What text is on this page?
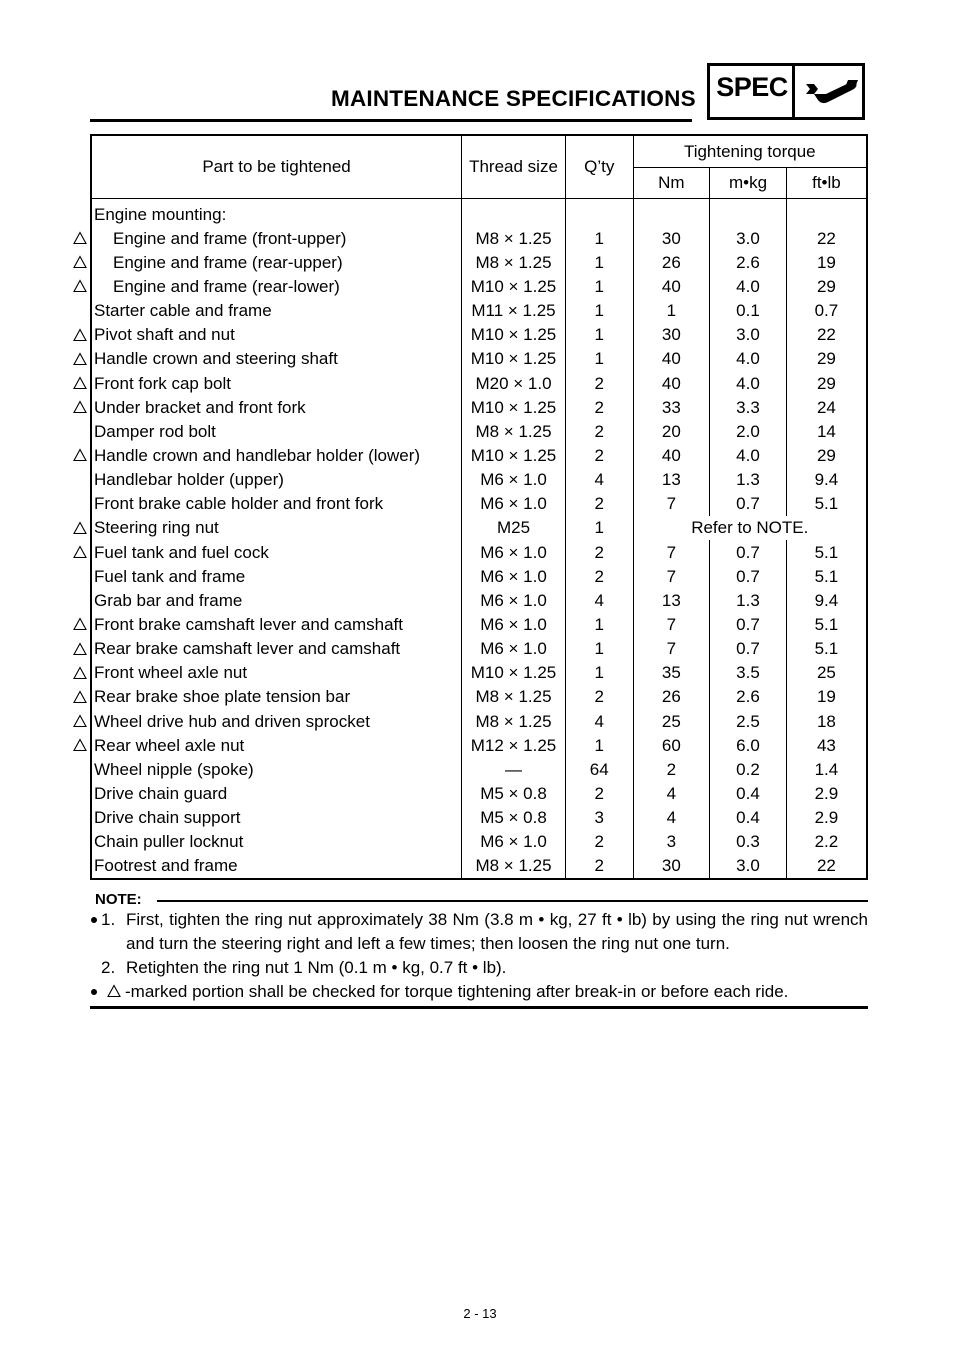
MAINTENANCE SPECIFICATIONS SPEC
Part to be tightened	Thread size	Q’ty	Tightening torque		
			Nm	m•kg	ft•lb
Engine mounting:					
Engine and frame (front-upper)	M8 × 1.25	1	30	3.0	22
Engine and frame (rear-upper)	M8 × 1.25	1	26	2.6	19
Engine and frame (rear-lower)	M10 × 1.25	1	40	4.0	29
Starter cable and frame	M11 × 1.25	1	1	0.1	0.7
Pivot shaft and nut	M10 × 1.25	1	30	3.0	22
Handle crown and steering shaft	M10 × 1.25	1	40	4.0	29
Front fork cap bolt	M20 × 1.0	2	40	4.0	29
Under bracket and front fork	M10 × 1.25	2	33	3.3	24
Damper rod bolt	M8 × 1.25	2	20	2.0	14
Handle crown and handlebar holder (lower)	M10 × 1.25	2	40	4.0	29
Handlebar holder (upper)	M6 × 1.0	4	13	1.3	9.4
Front brake cable holder and front fork	M6 × 1.0	2	7	0.7	5.1
Steering ring nut	M25	1	Refer to NOTE.		
Fuel tank and fuel cock	M6 × 1.0	2	7	0.7	5.1
Fuel tank and frame	M6 × 1.0	2	7	0.7	5.1
Grab bar and frame	M6 × 1.0	4	13	1.3	9.4
Front brake camshaft lever and camshaft	M6 × 1.0	1	7	0.7	5.1
Rear brake camshaft lever and camshaft	M6 × 1.0	1	7	0.7	5.1
Front wheel axle nut	M10 × 1.25	1	35	3.5	25
Rear brake shoe plate tension bar	M8 × 1.25	2	26	2.6	19
Wheel drive hub and driven sprocket	M8 × 1.25	4	25	2.5	18
Rear wheel axle nut	M12 × 1.25	1	60	6.0	43
Wheel nipple (spoke)	—	64	2	0.2	1.4
Drive chain guard	M5 × 0.8	2	4	0.4	2.9
Drive chain support	M5 × 0.8	3	4	0.4	2.9
Chain puller locknut	M6 × 1.0	2	3	0.3	2.2
Footrest and frame	M8 × 1.25	2	30	3.0	22
NOTE:
1. First, tighten the ring nut approximately 38 Nm (3.8 m • kg, 27 ft • lb) by using the ring nut wrench and turn the steering right and left a few times; then loosen the ring nut one turn.
2. Retighten the ring nut 1 Nm (0.1 m • kg, 0.7 ft • lb).
-marked portion shall be checked for torque tightening after break-in or before each ride.
2 - 13
